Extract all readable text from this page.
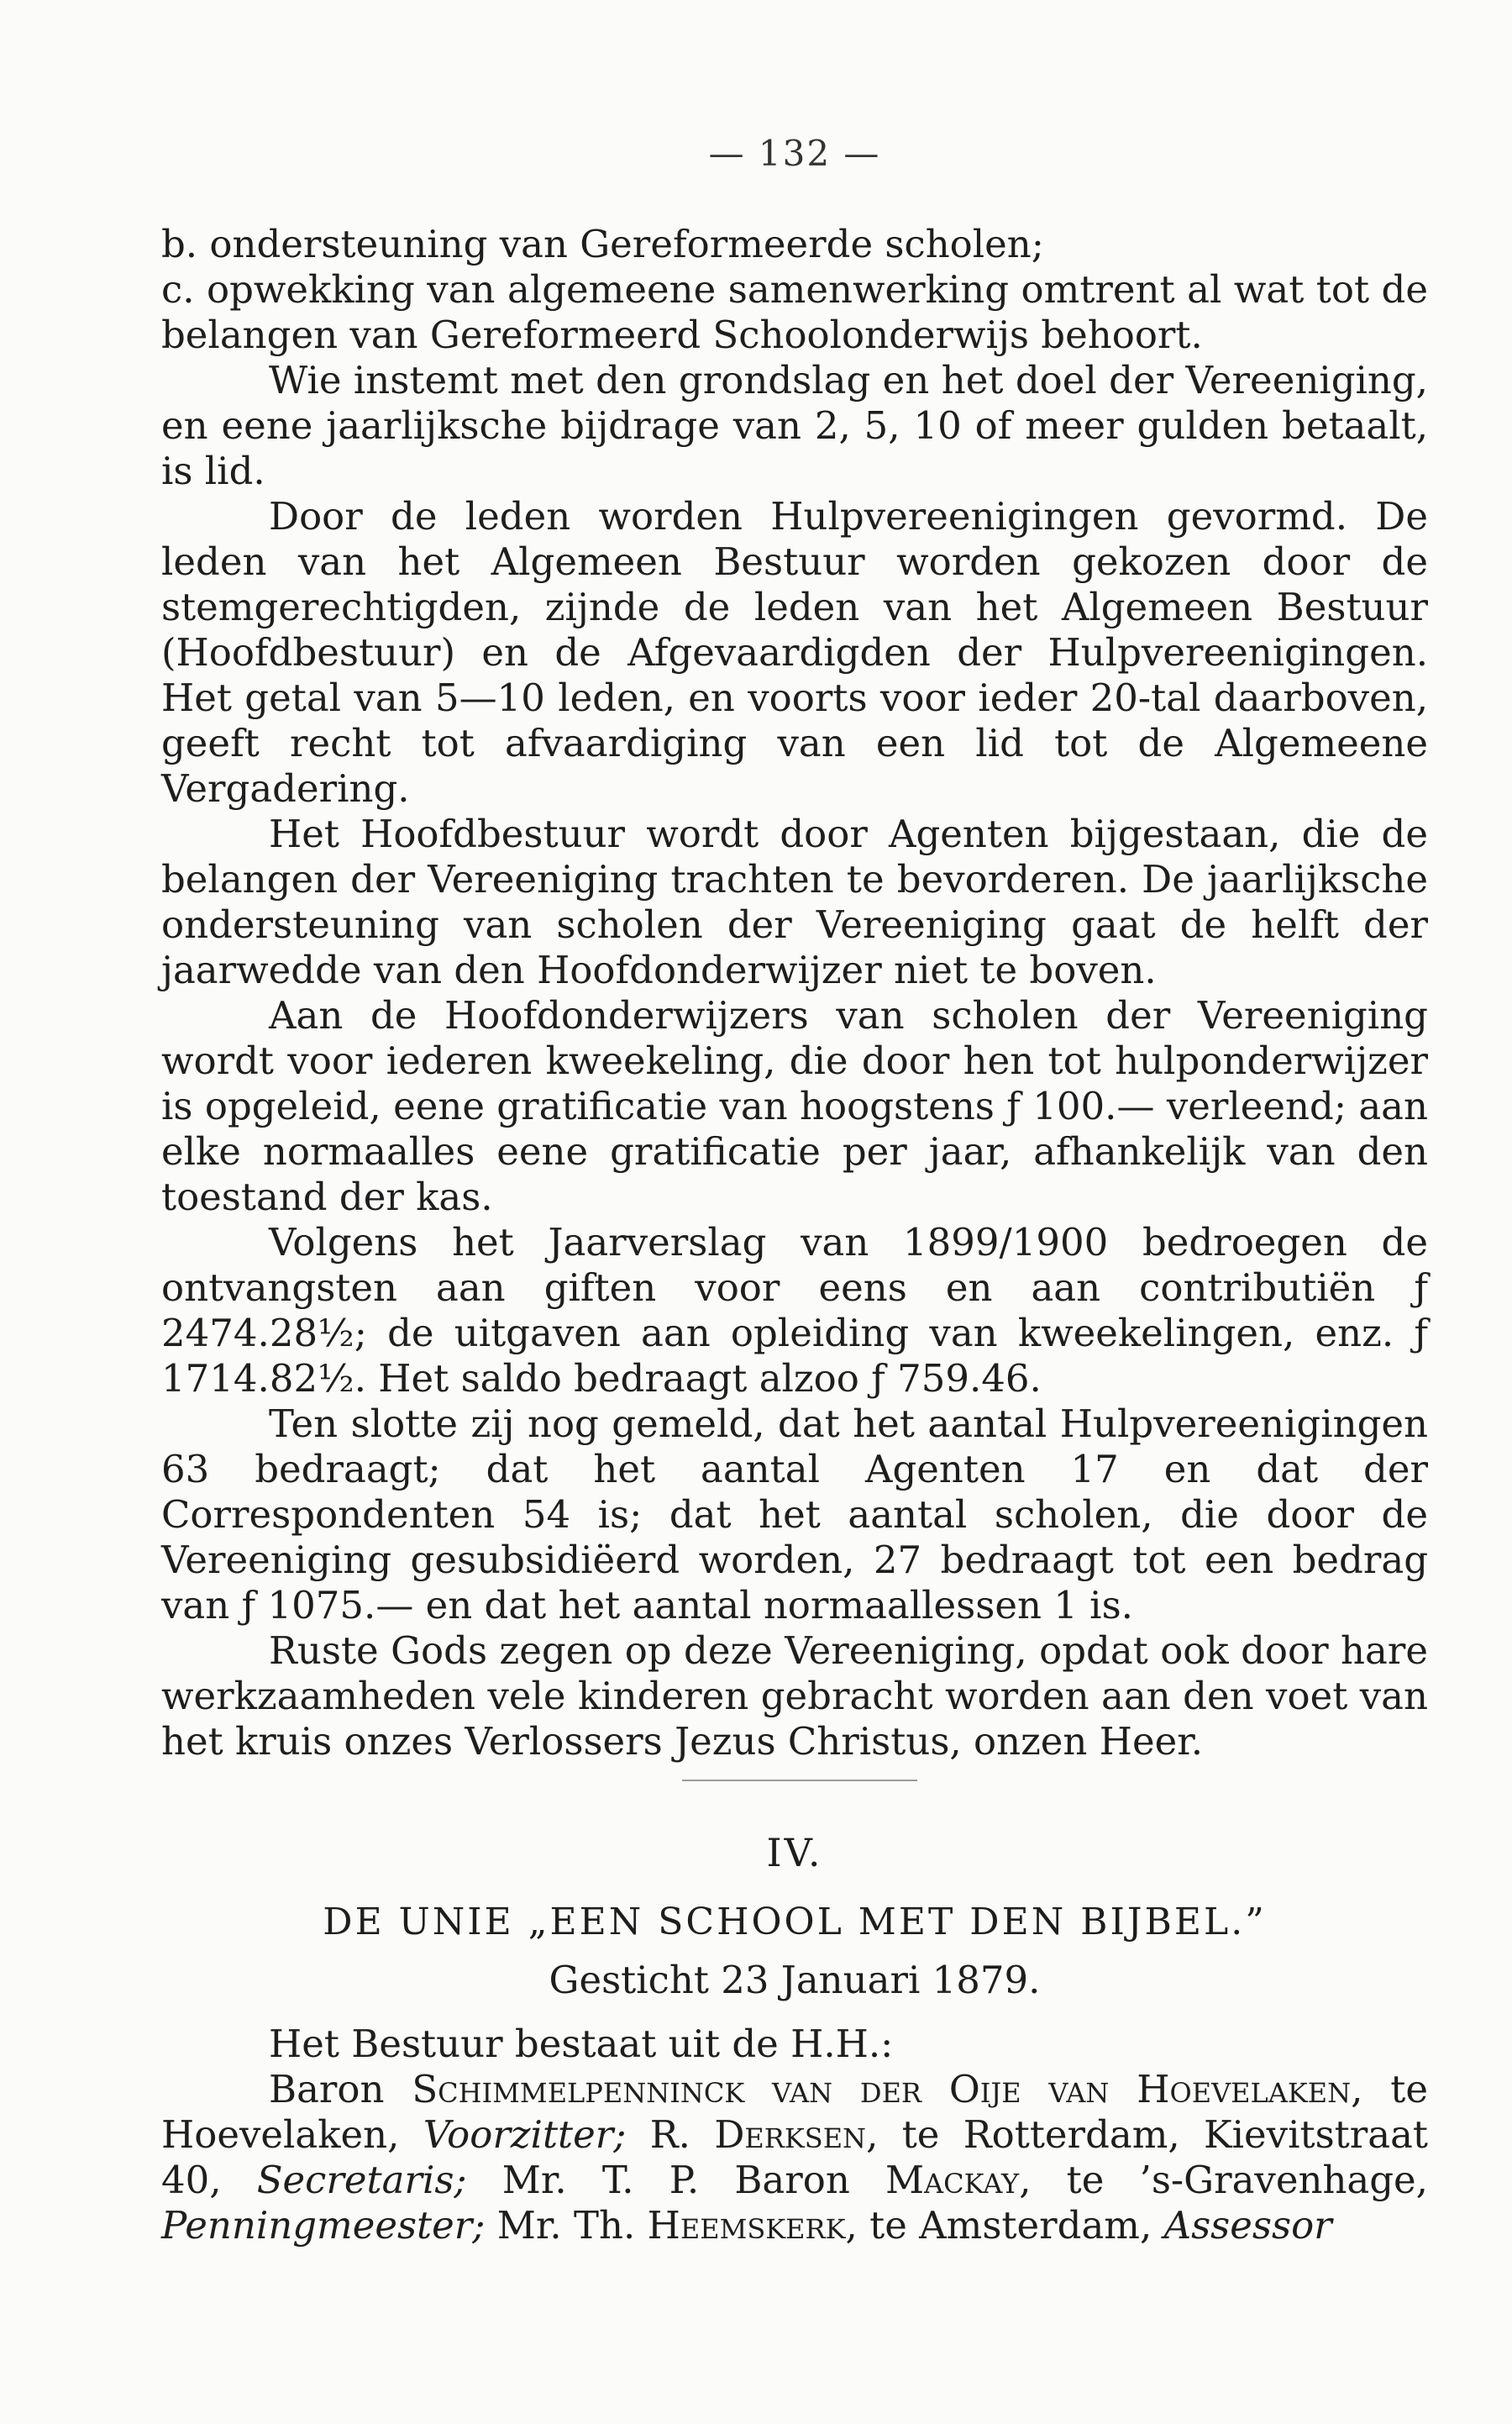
— 132 —

b. ondersteuning van Gereformeerde scholen;

c. opwekking van algemeene samenwerking omtrent al wat tot de belangen van Gereformeerd Schoolonderwijs behoort.

Wie instemt met den grondslag en het doel der Vereeniging, en eene jaarlijksche bijdrage van 2, 5, 10 of meer gulden betaalt, is lid.

Door de leden worden Hulpvereenigingen gevormd. De leden van het Algemeen Bestuur worden gekozen door de stemgerechtigden, zijnde de leden van het Algemeen Bestuur (Hoofdbestuur) en de Afgevaardigden der Hulpvereenigingen. Het getal van 5—10 leden, en voorts voor ieder 20-tal daarboven, geeft recht tot afvaardiging van een lid tot de Algemeene Vergadering.

Het Hoofdbestuur wordt door Agenten bijgestaan, die de belangen der Vereeniging trachten te bevorderen. De jaarlijksche ondersteuning van scholen der Vereeniging gaat de helft der jaarwedde van den Hoofdonderwijzer niet te boven.

Aan de Hoofdonderwijzers van scholen der Vereeniging wordt voor iederen kweekeling, die door hen tot hulponderwijzer is opgeleid, eene gratificatie van hoogstens ƒ 100.— verleend; aan elke normaalles eene gratificatie per jaar, afhankelijk van den toestand der kas.

Volgens het Jaarverslag van 1899/1900 bedroegen de ontvangsten aan giften voor eens en aan contributiën ƒ 2474.28½; de uitgaven aan opleiding van kweekelingen, enz. ƒ 1714.82½. Het saldo bedraagt alzoo ƒ 759.46.

Ten slotte zij nog gemeld, dat het aantal Hulpvereenigingen 63 bedraagt; dat het aantal Agenten 17 en dat der Correspondenten 54 is; dat het aantal scholen, die door de Vereeniging gesubsidiëerd worden, 27 bedraagt tot een bedrag van ƒ 1075.— en dat het aantal normaallessen 1 is.

Ruste Gods zegen op deze Vereeniging, opdat ook door hare werkzaamheden vele kinderen gebracht worden aan den voet van het kruis onzes Verlossers Jezus Christus, onzen Heer.

IV.
DE UNIE „EEN SCHOOL MET DEN BIJBEL.”
Gesticht 23 Januari 1879.

Het Bestuur bestaat uit de H.H.:

Baron Schimmelpenninck van der Oije van Hoevelaken, te Hoevelaken, Voorzitter; R. Derksen, te Rotterdam, Kievitstraat 40, Secretaris; Mr. T. P. Baron Mackay, te ’s-Gravenhage, Penningmeester; Mr. Th. Heemskerk, te Amsterdam, Assessor
